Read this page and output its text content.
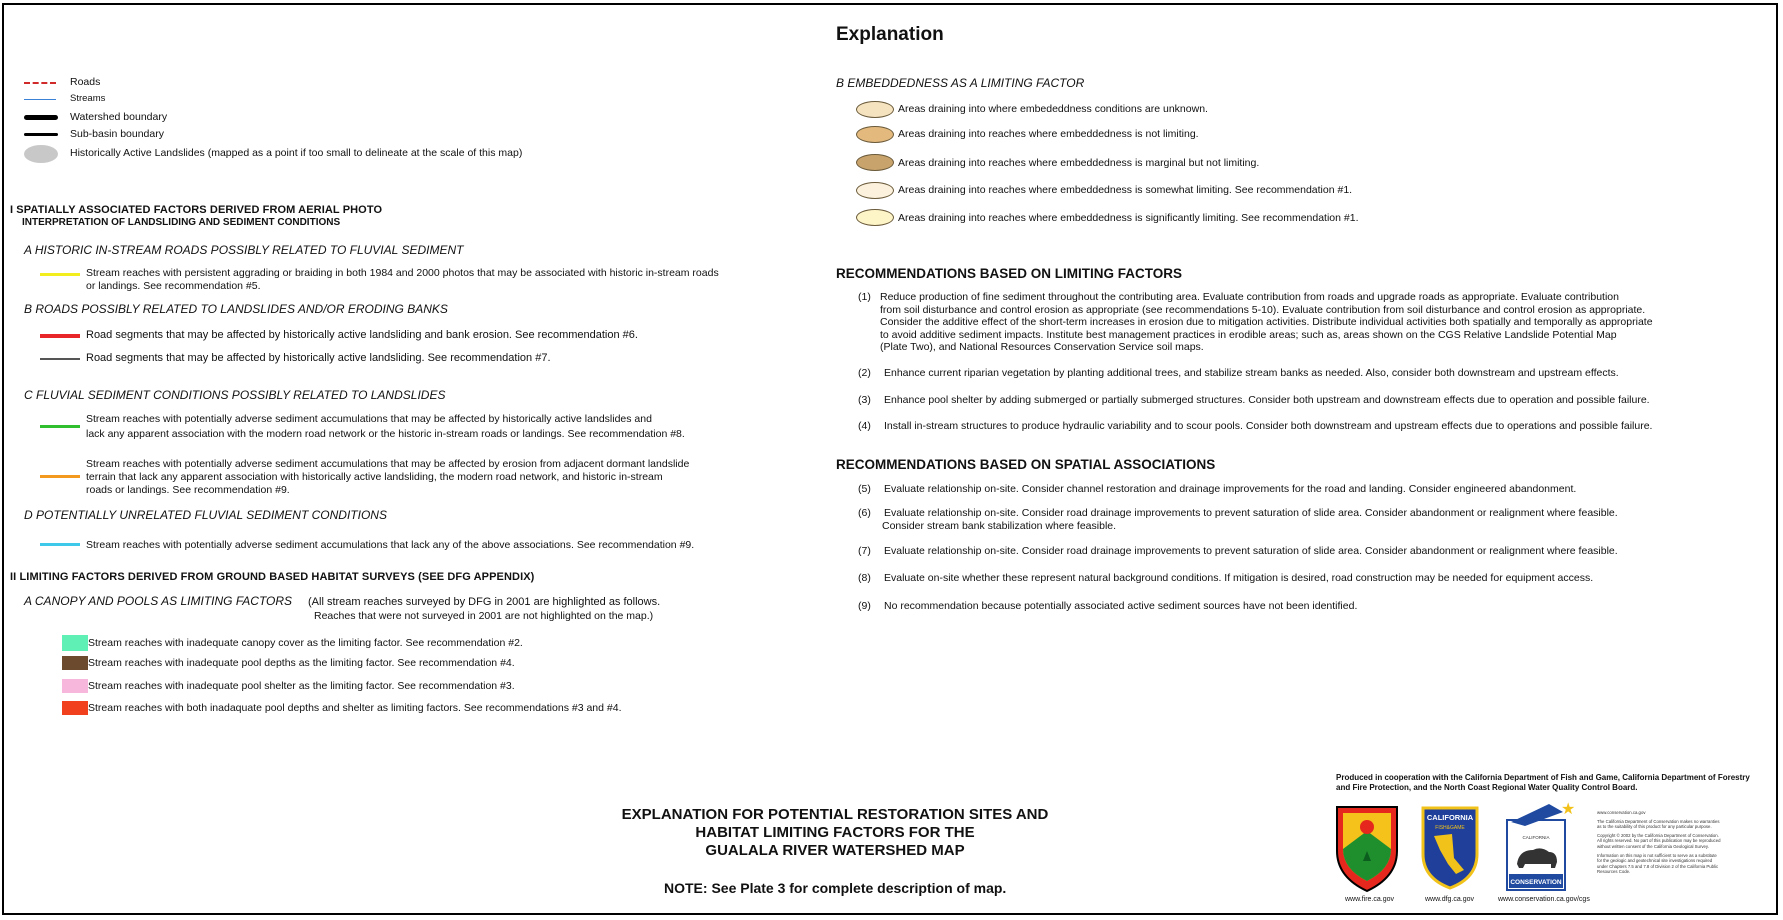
Explanation
Roads
Streams
Watershed boundary
Sub-basin boundary
Historically Active Landslides (mapped as a point if too small to delineate at the scale of this map)
I SPATIALLY ASSOCIATED FACTORS DERIVED FROM AERIAL PHOTO
INTERPRETATION OF LANDSLIDING AND SEDIMENT CONDITIONS
A HISTORIC IN-STREAM ROADS POSSIBLY RELATED TO FLUVIAL SEDIMENT
Stream reaches with persistent aggrading or braiding in both 1984 and 2000 photos that may be associated with historic in-stream roads
or landings. See recommendation #5.
B ROADS POSSIBLY RELATED TO LANDSLIDES AND/OR ERODING BANKS
Road segments that may be affected by historically active landsliding and bank erosion. See recommendation #6.
Road segments that may be affected by historically active landsliding. See recommendation #7.
C FLUVIAL SEDIMENT CONDITIONS POSSIBLY RELATED TO LANDSLIDES
Stream reaches with potentially adverse sediment accumulations that may be affected by historically active landslides and
lack any apparent association with the modern road network or the historic in-stream roads or landings. See recommendation #8.
Stream reaches with potentially adverse sediment accumulations that may be affected by erosion from adjacent dormant landslide
terrain that lack any apparent association with historically active landsliding, the modern road network, and historic in-stream
roads or landings. See recommendation #9.
D POTENTIALLY UNRELATED FLUVIAL SEDIMENT CONDITIONS
Stream reaches with potentially adverse sediment accumulations that lack any of the above associations. See recommendation #9.
II LIMITING FACTORS DERIVED FROM GROUND BASED HABITAT SURVEYS (SEE DFG APPENDIX)
A CANOPY AND POOLS AS LIMITING FACTORS (All stream reaches surveyed by DFG in 2001 are highlighted as follows.
Reaches that were not surveyed in 2001 are not highlighted on the map.)
Stream reaches with inadequate canopy cover as the limiting factor. See recommendation #2.
Stream reaches with inadequate pool depths as the limiting factor. See recommendation #4.
Stream reaches with inadequate pool shelter as the limiting factor. See recommendation #3.
Stream reaches with both inadaquate pool depths and shelter as limiting factors. See recommendations #3 and #4.
B EMBEDDEDNESS AS A LIMITING FACTOR
Areas draining into where embededdness conditions are unknown.
Areas draining into reaches where embeddedness is not limiting.
Areas draining into reaches where embeddedness is marginal but not limiting.
Areas draining into reaches where embeddedness is somewhat limiting. See recommendation #1.
Areas draining into reaches where embeddedness is significantly limiting. See recommendation #1.
RECOMMENDATIONS BASED ON LIMITING FACTORS
(1) Reduce production of fine sediment throughout the contributing area. Evaluate contribution from roads and upgrade roads as appropriate. Evaluate contribution
from soil disturbance and control erosion as appropriate (see recommendations 5-10). Evaluate contribution from soil disturbance and control erosion as appropriate.
Consider the additive effect of the short-term increases in erosion due to mitigation activities. Distribute individual activities both spatially and temporally as appropriate
to avoid additive sediment impacts. Institute best management practices in erodible areas; such as, areas shown on the CGS Relative Landslide Potential Map
(Plate Two), and National Resources Conservation Service soil maps.
(2) Enhance current riparian vegetation by planting additional trees, and stabilize stream banks as needed. Also, consider both downstream and upstream effects.
(3) Enhance pool shelter by adding submerged or partially submerged structures. Consider both upstream and downstream effects due to operation and possible failure.
(4) Install in-stream structures to produce hydraulic variability and to scour pools. Consider both downstream and upstream effects due to operations and possible failure.
RECOMMENDATIONS BASED ON SPATIAL ASSOCIATIONS
(5) Evaluate relationship on-site. Consider channel restoration and drainage improvements for the road and landing. Consider engineered abandonment.
(6) Evaluate relationship on-site. Consider road drainage improvements to prevent saturation of slide area. Consider abandonment or realignment where feasible.
Consider stream bank stabilization where feasible.
(7) Evaluate relationship on-site. Consider road drainage improvements to prevent saturation of slide area. Consider abandonment or realignment where feasible.
(8) Evaluate on-site whether these represent natural background conditions. If mitigation is desired, road construction may be needed for equipment access.
(9) No recommendation because potentially associated active sediment sources have not been identified.
EXPLANATION FOR POTENTIAL RESTORATION SITES AND
HABITAT LIMITING FACTORS FOR THE
GUALALA RIVER WATERSHED MAP
NOTE: See Plate 3 for complete description of map.
Produced in cooperation with the California Department of Fish and Game, California Department of Forestry
and Fire Protection, and the North Coast Regional Water Quality Control Board.
CALIFORNIA
FISH&GAME
★
CALIFORNIA
CONSERVATION
www.fire.ca.gov	www.dfg.ca.gov	www.conservation.ca.gov/cgs
www.conservation.ca.gov
The California Department of Conservation makes no warranties
as to the suitability of this product for any particular purpose.
Copyright © 2002 by the California Department of Conservation.
All rights reserved. No part of this publication may be reproduced
without written consent of the California Geological Survey.
Information on this map is not sufficient to serve as a substitute
for the geologic and geotechnical site investigations required
under Chapters 7.5 and 7.8 of Division 2 of the California Public
Resources Code.
